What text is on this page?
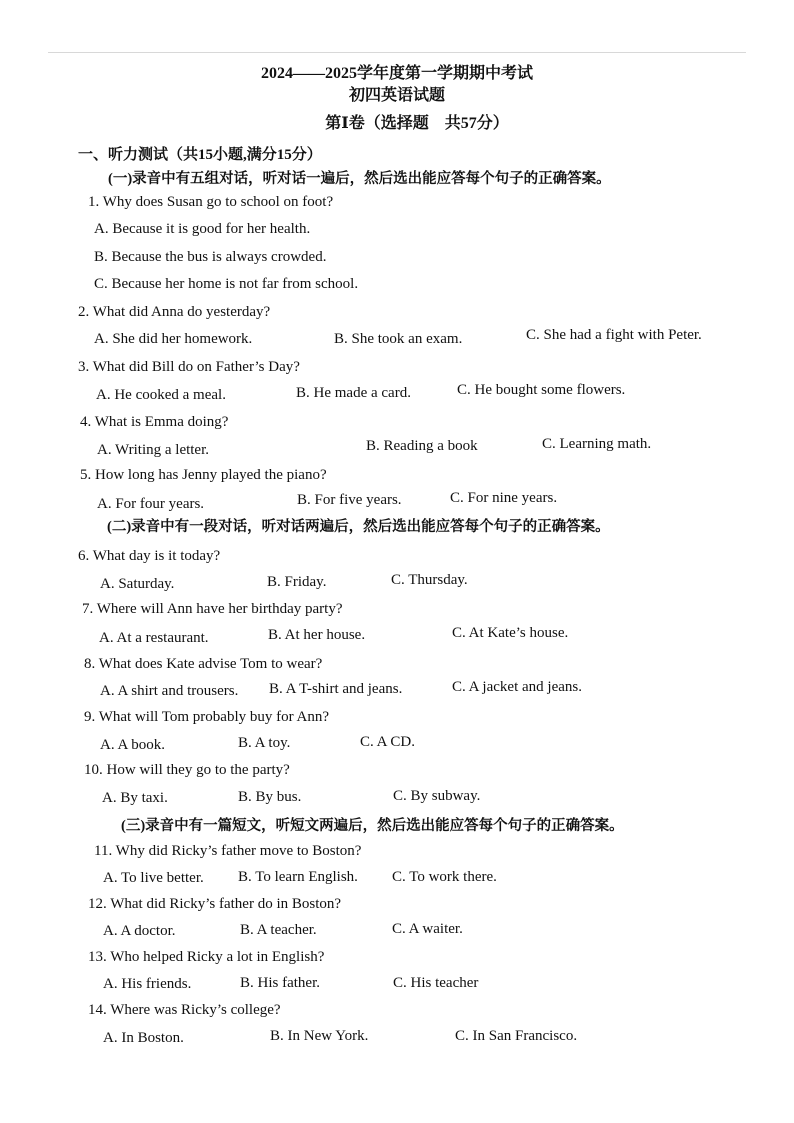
2024——2025学年度第一学期期中考试
初四英语试题
第Ⅰ卷（选择题　共57分）
一、听力测试（共15小题,满分15分）
(一)录音中有五组对话，听对话一遍后，然后选出能应答每个句子的正确答案。
1. Why does Susan go to school on foot?
A. Because it is good for her health.
B. Because the bus is always crowded.
C. Because her home is not far from school.
2. What did Anna do yesterday?
A. She did her homework.	B. She took an exam.	C. She had a fight with Peter.
3. What did Bill do on Father’s Day?
A. He cooked a meal.	B. He made a card.	C. He bought some flowers.
4. What is Emma doing?
A. Writing a letter.	B. Reading a book	C. Learning math.
5. How long has Jenny played the piano?
A. For four years.	B. For five years.	C. For nine years.
(二)录音中有一段对话，听对话两遍后，然后选出能应答每个句子的正确答案。
6. What day is it today?
A. Saturday.	B. Friday.	C. Thursday.
7. Where will Ann have her birthday party?
A. At a restaurant.	B. At her house.	C. At Kate’s house.
8. What does Kate advise Tom to wear?
A. A shirt and trousers. B. A T-shirt and jeans.	C. A jacket and jeans.
9. What will Tom probably buy for Ann?
A. A book.	B. A toy.	C. A CD.
10. How will they go to the party?
A. By taxi.	B. By bus.	C. By subway.
(三)录音中有一篇短文，听短文两遍后，然后选出能应答每个句子的正确答案。
11. Why did Ricky’s father move to Boston?
A. To live better. B. To learn English. C. To work there.
12. What did Ricky’s father do in Boston?
A. A doctor.	B. A teacher.	C. A waiter.
13. Who helped Ricky a lot in English?
A. His friends.	B. His father.	C. His teacher
14. Where was Ricky’s college?
A. In Boston.	B. In New York.	C. In San Francisco.
